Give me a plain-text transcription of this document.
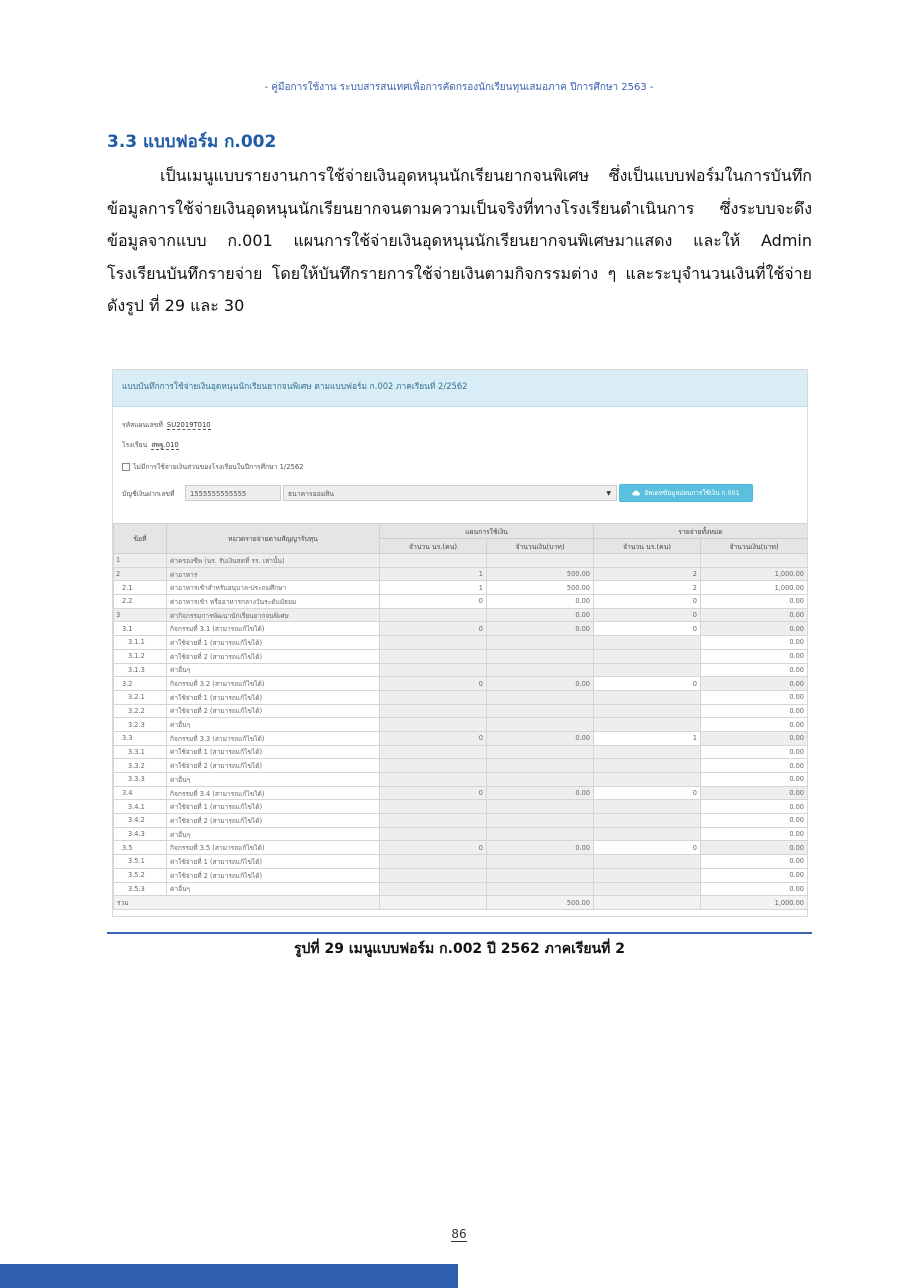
- คู่มือการใช้งาน ระบบสารสนเทศเพื่อการคัดกรองนักเรียนทุนเสมอภาค ปีการศึกษา 2563 -
3.3 แบบฟอร์ม ก.002

เป็นเมนูแบบรายงานการใช้จ่ายเงินอุดหนุนนักเรียนยากจนพิเศษ ซึ่งเป็นแบบฟอร์มในการบันทึกข้อมูลการใช้จ่ายเงินอุดหนุนนักเรียนยากจนตามความเป็นจริงที่ทางโรงเรียนดำเนินการ ซึ่งระบบจะดึงข้อมูลจากแบบ ก.001 แผนการใช้จ่ายเงินอุดหนุนนักเรียนยากจนพิเศษมาแสดง และให้ Admin โรงเรียนบันทึกรายจ่าย โดยให้บันทึกรายการใช้จ่ายเงินตามกิจกรรมต่าง ๆ และระบุจำนวนเงินที่ใช้จ่าย ดังรูป ที่ 29 และ 30

แบบบันทึกการใช้จ่ายเงินอุดหนุนนักเรียนยากจนพิเศษ ตามแบบฟอร์ม ก.002 ภาคเรียนที่ 2/2562
รหัสแผนเลขที่ SU2019T010
โรงเรียน สพฐ.010
ไม่มีการใช้จ่ายเงินส่วนของโรงเรียนในปีการศึกษา 1/2562
บัญชีเงินฝากเลขที่	1555555555555	ธนาคารออมสิน	▼	อัพเดทข้อมูลแผนการใช้เงิน ก.001
ข้อที่	หมวดรายจ่ายตามสัญญารับทุน	แผนการใช้เงิน		รายจ่ายทั้งหมด	
		จำนวน นร.(คน)	จำนวนเงิน(บาท)	จำนวน นร.(คน)	จำนวนเงิน(บาท)
1	ค่าครองชีพ (นร. รับเงินสดที่ รร. เท่านั้น)				
2	ค่าอาหาร	1	500.00	2	1,000.00
2.1	ค่าอาหารเช้าสำหรับอนุบาล-ประถมศึกษา	1	500.00	2	1,000.00
2.2	ค่าอาหารเช้า หรืออาหารกลางวันระดับมัธยม	0	0.00	0	0.00
3	ค่ากิจกรรมการพัฒนานักเรียนยากจนพิเศษ		0.00	0	0.00
3.1	กิจกรรมที่ 3.1 (สามารถแก้ไขได้)	0	0.00	0	0.00
3.1.1	ค่าใช้จ่ายที่ 1 (สามารถแก้ไขได้)				0.00
3.1.2	ค่าใช้จ่ายที่ 2 (สามารถแก้ไขได้)				0.00
3.1.3	ค่าอื่นๆ				0.00
3.2	กิจกรรมที่ 3.2 (สามารถแก้ไขได้)	0	0.00	0	0.00
3.2.1	ค่าใช้จ่ายที่ 1 (สามารถแก้ไขได้)				0.00
3.2.2	ค่าใช้จ่ายที่ 2 (สามารถแก้ไขได้)				0.00
3.2.3	ค่าอื่นๆ				0.00
3.3	กิจกรรมที่ 3.3 (สามารถแก้ไขได้)	0	0.00	1	0.00
3.3.1	ค่าใช้จ่ายที่ 1 (สามารถแก้ไขได้)				0.00
3.3.2	ค่าใช้จ่ายที่ 2 (สามารถแก้ไขได้)				0.00
3.3.3	ค่าอื่นๆ				0.00
3.4	กิจกรรมที่ 3.4 (สามารถแก้ไขได้)	0	0.00	0	0.00
3.4.1	ค่าใช้จ่ายที่ 1 (สามารถแก้ไขได้)				0.00
3.4.2	ค่าใช้จ่ายที่ 2 (สามารถแก้ไขได้)				0.00
3.4.3	ค่าอื่นๆ				0.00
3.5	กิจกรรมที่ 3.5 (สามารถแก้ไขได้)	0	0.00	0	0.00
3.5.1	ค่าใช้จ่ายที่ 1 (สามารถแก้ไขได้)				0.00
3.5.2	ค่าใช้จ่ายที่ 2 (สามารถแก้ไขได้)				0.00
3.5.3	ค่าอื่นๆ				0.00
รวม			500.00		1,000.00
รูปที่ 29 เมนูแบบฟอร์ม ก.002 ปี 2562 ภาคเรียนที่ 2
86
